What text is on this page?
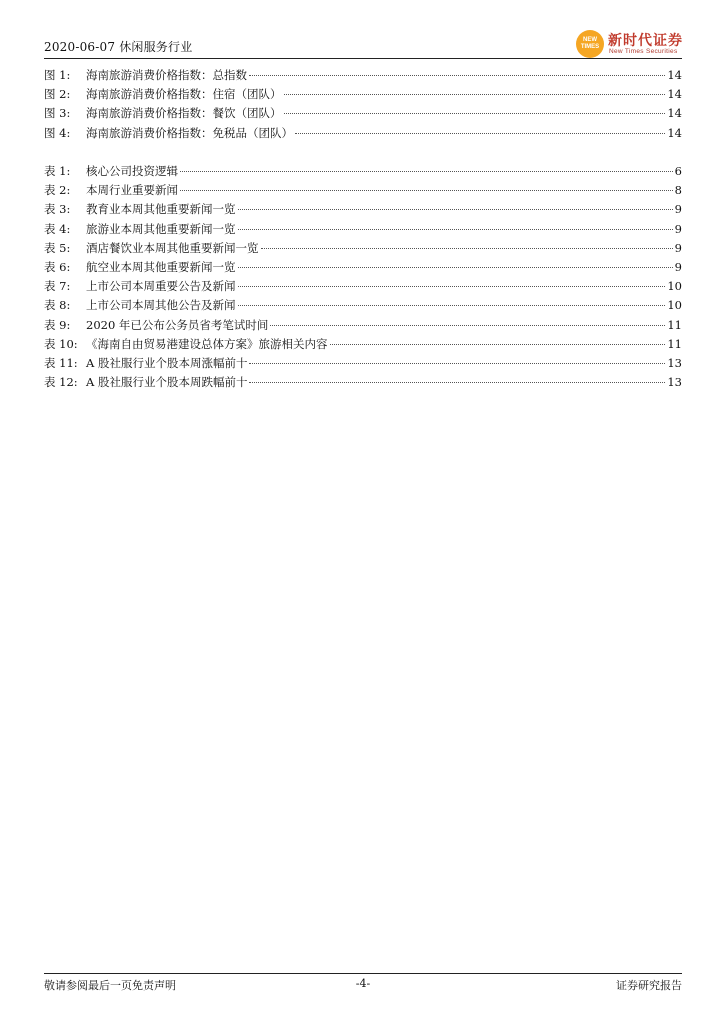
2020-06-07 休闲服务行业	NEW
TIMES 新时代证券
New Times Securities
图 1:	海南旅游消费价格指数：总指数	14
图 2:	海南旅游消费价格指数：住宿（团队）	14
图 3:	海南旅游消费价格指数：餐饮（团队）	14
图 4:	海南旅游消费价格指数：免税品（团队）	14
表 1:	核心公司投资逻辑	6
表 2:	本周行业重要新闻	8
表 3:	教育业本周其他重要新闻一览	9
表 4:	旅游业本周其他重要新闻一览	9
表 5:	酒店餐饮业本周其他重要新闻一览	9
表 6:	航空业本周其他重要新闻一览	9
表 7:	上市公司本周重要公告及新闻	10
表 8:	上市公司本周其他公告及新闻	10
表 9:	2020 年已公布公务员省考笔试时间	11
表 10: 《海南自由贸易港建设总体方案》旅游相关内容	11
表 11: A 股社服行业个股本周涨幅前十	13
表 12: A 股社服行业个股本周跌幅前十	13
敬请参阅最后一页免责声明	-4-	证券研究报告
